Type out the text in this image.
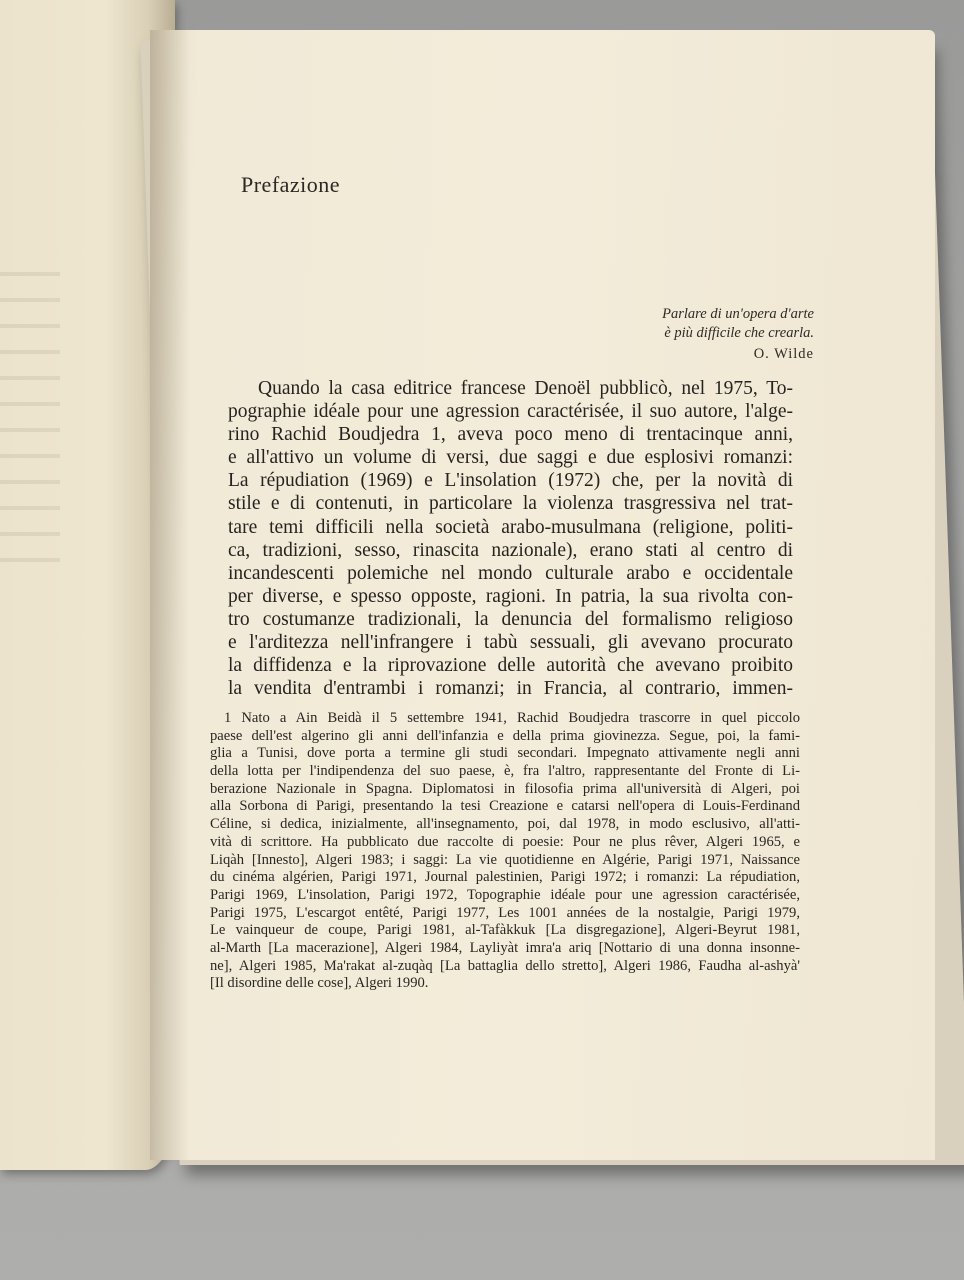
Prefazione
Parlare di un'opera d'arte
è più difficile che crearla.
O. Wilde
Quando la casa editrice francese Denoël pubblicò, nel 1975, To-
pographie idéale pour une agression caractérisée, il suo autore, l'alge-
rino Rachid Boudjedra 1, aveva poco meno di trentacinque anni,
e all'attivo un volume di versi, due saggi e due esplosivi romanzi:
La répudiation (1969) e L'insolation (1972) che, per la novità di
stile e di contenuti, in particolare la violenza trasgressiva nel trat-
tare temi difficili nella società arabo-musulmana (religione, politi-
ca, tradizioni, sesso, rinascita nazionale), erano stati al centro di
incandescenti polemiche nel mondo culturale arabo e occidentale
per diverse, e spesso opposte, ragioni. In patria, la sua rivolta con-
tro costumanze tradizionali, la denuncia del formalismo religioso
e l'arditezza nell'infrangere i tabù sessuali, gli avevano procurato
la diffidenza e la riprovazione delle autorità che avevano proibito
la vendita d'entrambi i romanzi; in Francia, al contrario, immen-
1 Nato a Ain Beidà il 5 settembre 1941, Rachid Boudjedra trascorre in quel piccolo
paese dell'est algerino gli anni dell'infanzia e della prima giovinezza. Segue, poi, la fami-
glia a Tunisi, dove porta a termine gli studi secondari. Impegnato attivamente negli anni
della lotta per l'indipendenza del suo paese, è, fra l'altro, rappresentante del Fronte di Li-
berazione Nazionale in Spagna. Diplomatosi in filosofia prima all'università di Algeri, poi
alla Sorbona di Parigi, presentando la tesi Creazione e catarsi nell'opera di Louis-Ferdinand
Céline, si dedica, inizialmente, all'insegnamento, poi, dal 1978, in modo esclusivo, all'atti-
vità di scrittore. Ha pubblicato due raccolte di poesie: Pour ne plus rêver, Algeri 1965, e
Liqàh [Innesto], Algeri 1983; i saggi: La vie quotidienne en Algérie, Parigi 1971, Naissance
du cinéma algérien, Parigi 1971, Journal palestinien, Parigi 1972; i romanzi: La répudiation,
Parigi 1969, L'insolation, Parigi 1972, Topographie idéale pour une agression caractérisée,
Parigi 1975, L'escargot entêté, Parigi 1977, Les 1001 années de la nostalgie, Parigi 1979,
Le vainqueur de coupe, Parigi 1981, al-Tafàkkuk [La disgregazione], Algeri-Beyrut 1981,
al-Marth [La macerazione], Algeri 1984, Layliyàt imra'a ariq [Nottario di una donna insonne-
ne], Algeri 1985, Ma'rakat al-zuqàq [La battaglia dello stretto], Algeri 1986, Faudha al-ashyà'
[Il disordine delle cose], Algeri 1990.
